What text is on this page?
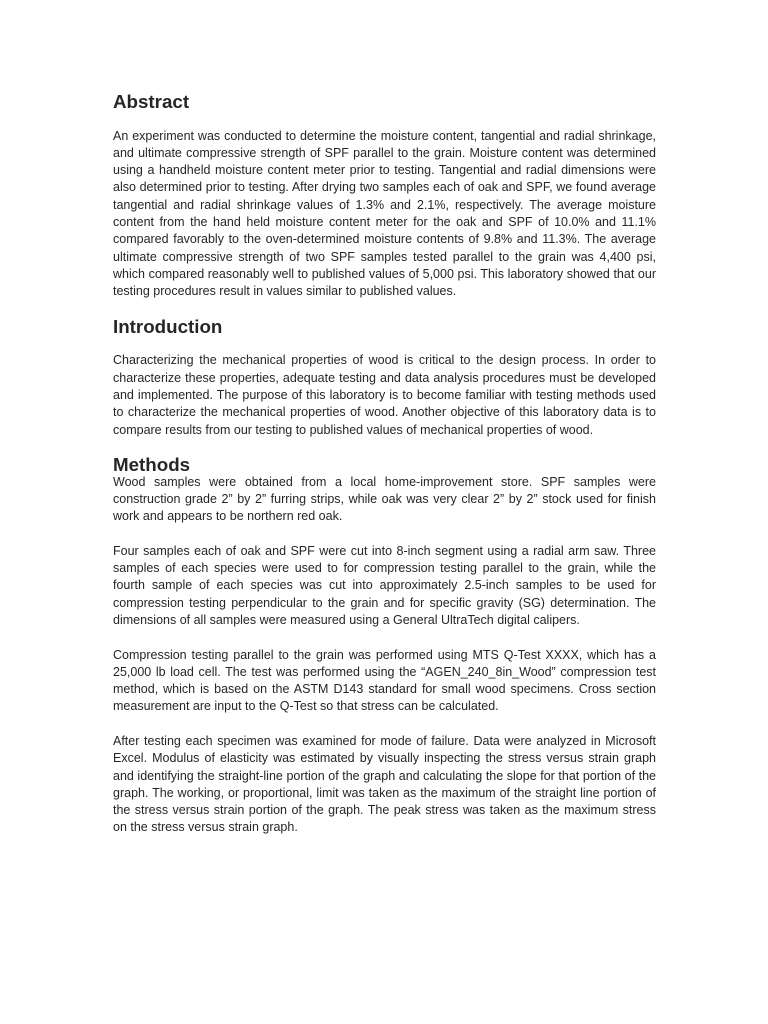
Abstract

An experiment was conducted to determine the moisture content, tangential and radial shrinkage, and ultimate compressive strength of SPF parallel to the grain. Moisture content was determined using a handheld moisture content meter prior to testing. Tangential and radial dimensions were also determined prior to testing. After drying two samples each of oak and SPF, we found average tangential and radial shrinkage values of 1.3% and 2.1%, respectively. The average moisture content from the hand held moisture content meter for the oak and SPF of 10.0% and 11.1% compared favorably to the oven-determined moisture contents of 9.8% and 11.3%. The average ultimate compressive strength of two SPF samples tested parallel to the grain was 4,400 psi, which compared reasonably well to published values of 5,000 psi. This laboratory showed that our testing procedures result in values similar to published values.

Introduction

Characterizing the mechanical properties of wood is critical to the design process. In order to characterize these properties, adequate testing and data analysis procedures must be developed and implemented. The purpose of this laboratory is to become familiar with testing methods used to characterize the mechanical properties of wood. Another objective of this laboratory data is to compare results from our testing to published values of mechanical properties of wood.

Methods

Wood samples were obtained from a local home-improvement store. SPF samples were construction grade 2” by 2” furring strips, while oak was very clear 2” by 2” stock used for finish work and appears to be northern red oak.

Four samples each of oak and SPF were cut into 8-inch segment using a radial arm saw. Three samples of each species were used to for compression testing parallel to the grain, while the fourth sample of each species was cut into approximately 2.5-inch samples to be used for compression testing perpendicular to the grain and for specific gravity (SG) determination. The dimensions of all samples were measured using a General UltraTech digital calipers.

Compression testing parallel to the grain was performed using MTS Q-Test XXXX, which has a 25,000 lb load cell. The test was performed using the “AGEN_240_8in_Wood” compression test method, which is based on the ASTM D143 standard for small wood specimens. Cross section measurement are input to the Q-Test so that stress can be calculated.

After testing each specimen was examined for mode of failure. Data were analyzed in Microsoft Excel. Modulus of elasticity was estimated by visually inspecting the stress versus strain graph and identifying the straight-line portion of the graph and calculating the slope for that portion of the graph. The working, or proportional, limit was taken as the maximum of the straight line portion of the stress versus strain portion of the graph. The peak stress was taken as the maximum stress on the stress versus strain graph.
